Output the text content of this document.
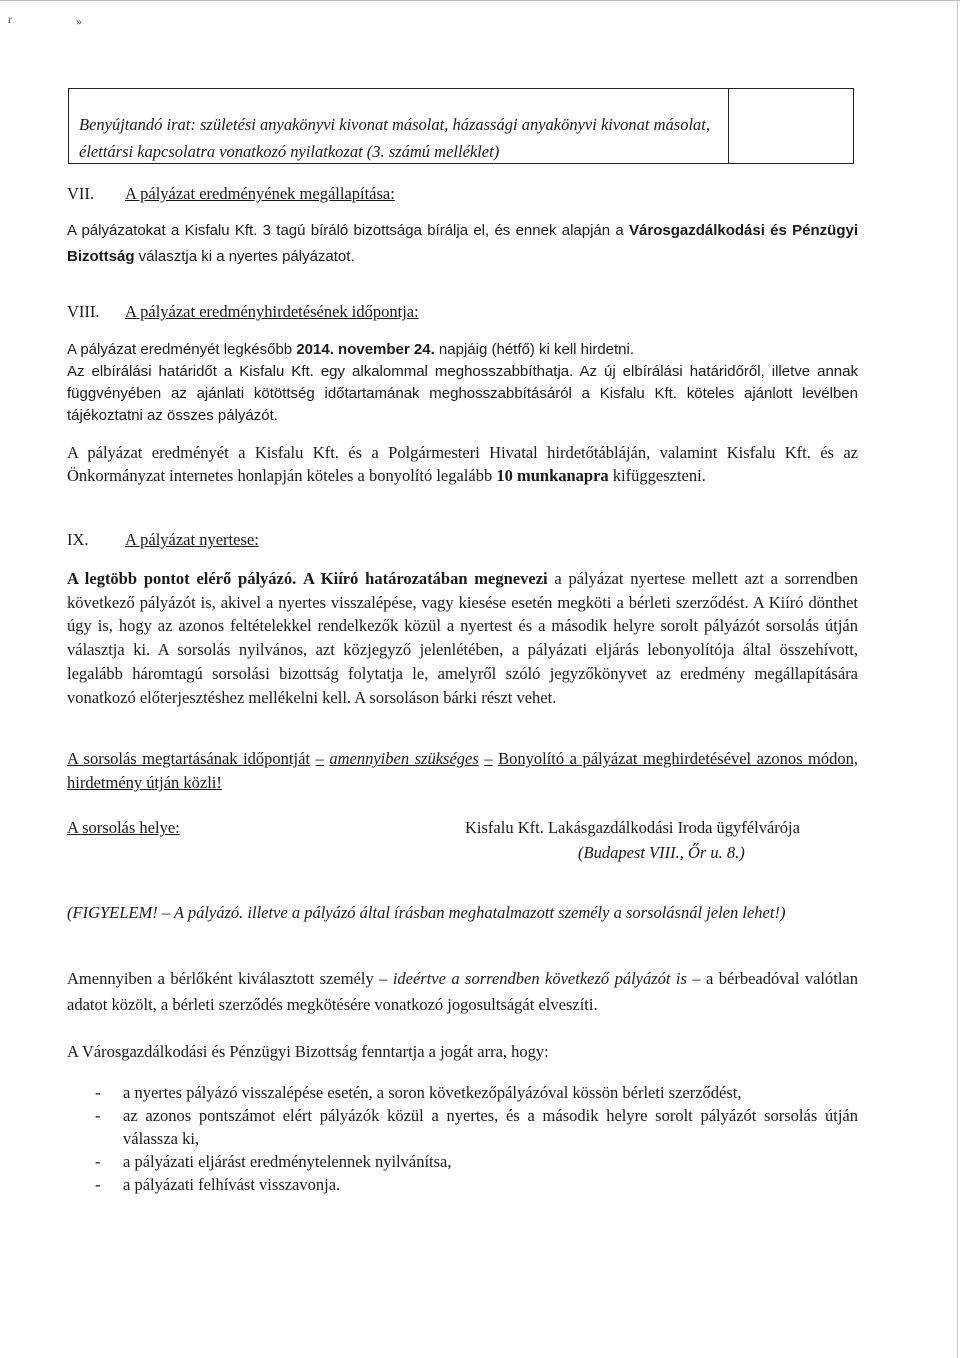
r	»
Benyújtandó irat: születési anyakönyvi kivonat másolat, házassági anyakönyvi kivonat másolat, élettársi kapcsolatra vonatkozó nyilatkozat (3. számú melléklet)
VII.	A pályázat eredményének megállapítása:
A pályázatokat a Kisfalu Kft. 3 tagú bíráló bizottsága bírálja el, és ennek alapján a Városgazdálkodási és Pénzügyi Bizottság választja ki a nyertes pályázatot.
VIII.	A pályázat eredményhirdetésének időpontja:
A pályázat eredményét legkésőbb 2014. november 24. napjáig (hétfő) ki kell hirdetni.
Az elbírálási határidőt a Kisfalu Kft. egy alkalommal meghosszabbíthatja. Az új elbírálási határidőről, illetve annak függvényében az ajánlati kötöttség időtartamának meghosszabbításáról a Kisfalu Kft. köteles ajánlott levélben tájékoztatni az összes pályázót.
A pályázat eredményét a Kisfalu Kft. és a Polgármesteri Hivatal hirdetőtábláján, valamint Kisfalu Kft. és az Önkormányzat internetes honlapján köteles a bonyolító legalább 10 munkanapra kifüggeszteni.
IX.	A pályázat nyertese:
A legtöbb pontot elérő pályázó. A Kiíró határozatában megnevezi a pályázat nyertese mellett azt a sorrendben következő pályázót is, akivel a nyertes visszalépése, vagy kiesése esetén megköti a bérleti szerződést. A Kiíró dönthet úgy is, hogy az azonos feltételekkel rendelkezők közül a nyertest és a második helyre sorolt pályázót sorsolás útján választja ki. A sorsolás nyilvános, azt közjegyző jelenlétében, a pályázati eljárás lebonyolítója által összehívott, legalább háromtagú sorsolási bizottság folytatja le, amelyről szóló jegyzőkönyvet az eredmény megállapítására vonatkozó előterjesztéshez mellékelni kell. A sorsoláson bárki részt vehet.
A sorsolás megtartásának időpontját – amennyiben szükséges – Bonyolító a pályázat meghirdetésével azonos módon, hirdetmény útján közli!
A sorsolás helye:	Kisfalu Kft. Lakásgazdálkodási Iroda ügyfélvárója
(Budapest VIII., Őr u. 8.)
(FIGYELEM! – A pályázó. illetve a pályázó által írásban meghatalmazott személy a sorsolásnál jelen lehet!)
Amennyiben a bérlőként kiválasztott személy – ideértve a sorrendben következő pályázót is – a bérbeadóval valótlan adatot közölt, a bérleti szerződés megkötésére vonatkozó jogosultságát elveszíti.
A Városgazdálkodási és Pénzügyi Bizottság fenntartja a jogát arra, hogy:
-	a nyertes pályázó visszalépése esetén, a soron következőpályázóval kössön bérleti szerződést,
-	az azonos pontszámot elért pályázók közül a nyertes, és a második helyre sorolt pályázót sorsolás útján válassza ki,
-	a pályázati eljárást eredménytelennek nyilvánítsa,
-	a pályázati felhívást visszavonja.
